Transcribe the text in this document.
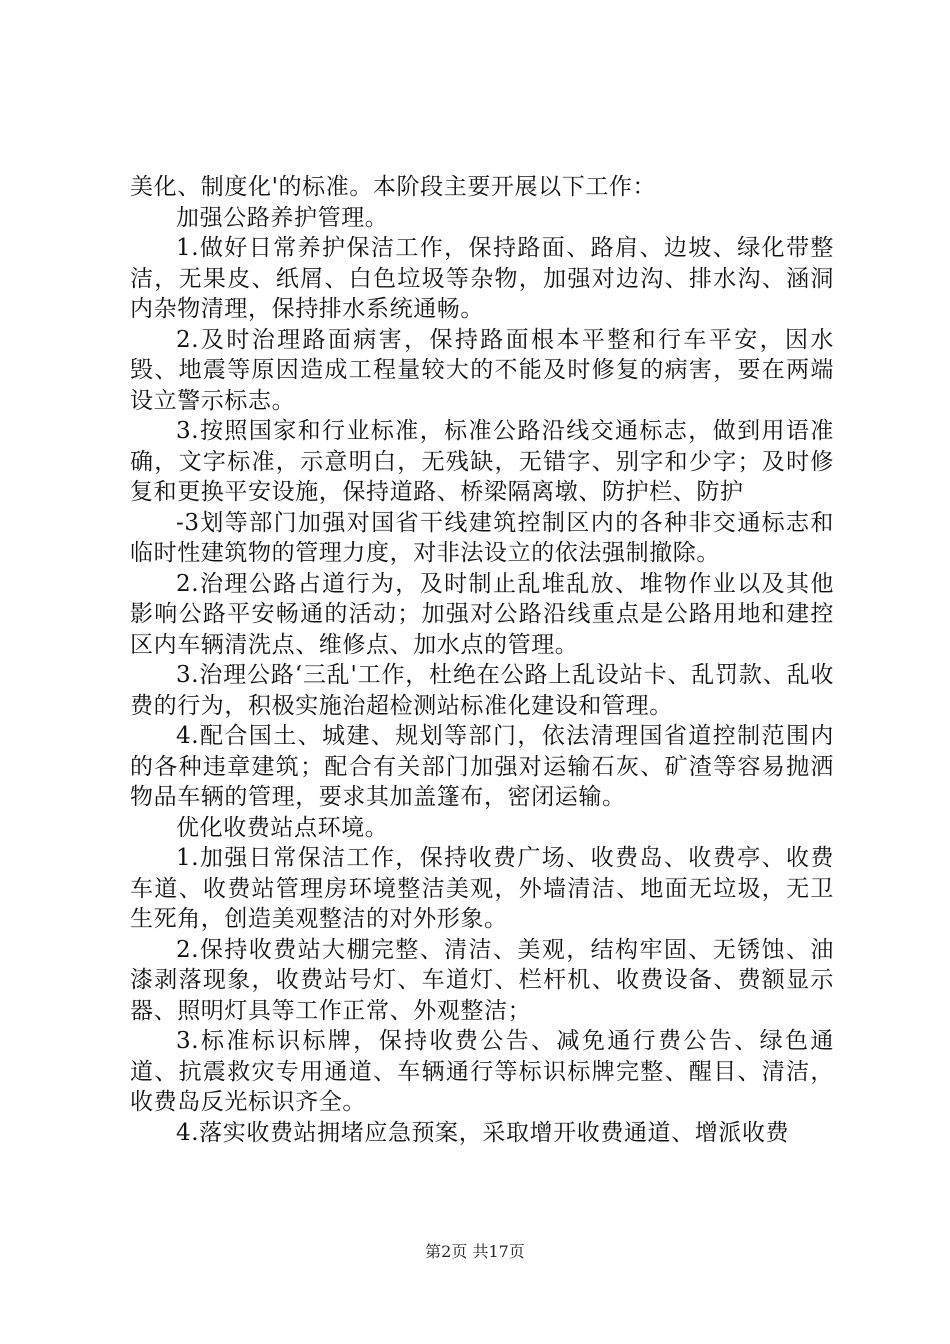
美化、制度化'的标准。本阶段主要开展以下工作：

加强公路养护管理。

1.做好日常养护保洁工作，保持路面、路肩、边坡、绿化带整洁，无果皮、纸屑、白色垃圾等杂物，加强对边沟、排水沟、涵洞内杂物清理，保持排水系统通畅。

2.及时治理路面病害，保持路面根本平整和行车平安，因水毁、地震等原因造成工程量较大的不能及时修复的病害，要在两端设立警示标志。

3.按照国家和行业标准，标准公路沿线交通标志，做到用语准确，文字标准，示意明白，无残缺，无错字、别字和少字；及时修复和更换平安设施，保持道路、桥梁隔离墩、防护栏、防护

-3划等部门加强对国省干线建筑控制区内的各种非交通标志和临时性建筑物的管理力度，对非法设立的依法强制撤除。

2.治理公路占道行为，及时制止乱堆乱放、堆物作业以及其他影响公路平安畅通的活动；加强对公路沿线重点是公路用地和建控区内车辆清洗点、维修点、加水点的管理。

3.治理公路‘三乱'工作，杜绝在公路上乱设站卡、乱罚款、乱收费的行为，积极实施治超检测站标准化建设和管理。

4.配合国土、城建、规划等部门，依法清理国省道控制范围内的各种违章建筑；配合有关部门加强对运输石灰、矿渣等容易抛洒物品车辆的管理，要求其加盖篷布，密闭运输。

优化收费站点环境。

1.加强日常保洁工作，保持收费广场、收费岛、收费亭、收费车道、收费站管理房环境整洁美观，外墙清洁、地面无垃圾，无卫生死角，创造美观整洁的对外形象。

2.保持收费站大棚完整、清洁、美观，结构牢固、无锈蚀、油漆剥落现象，收费站号灯、车道灯、栏杆机、收费设备、费额显示器、照明灯具等工作正常、外观整洁；

3.标准标识标牌，保持收费公告、减免通行费公告、绿色通道、抗震救灾专用通道、车辆通行等标识标牌完整、醒目、清洁，收费岛反光标识齐全。

4.落实收费站拥堵应急预案，采取增开收费通道、增派收费

第2页 共17页
